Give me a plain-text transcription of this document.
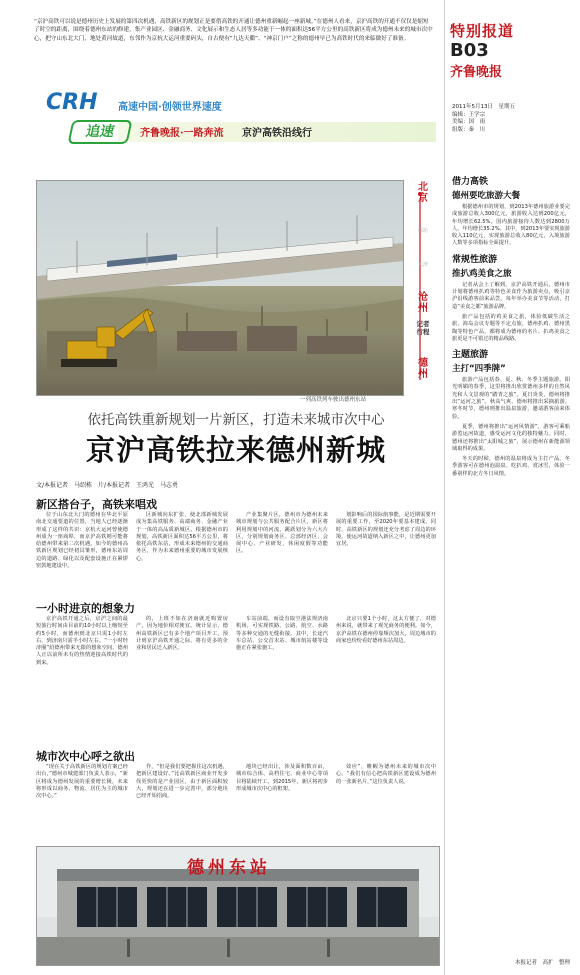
“京沪高铁可以说是德州历史上发展的第四次机遇，高铁新区的规划正是要借高铁的开通让德州重新崛起一座新城。”在德州人看来，京沪高铁的开通不仅仅是缩短了时空的距离，围绕着德州东站的修建，集产业园区、金融商务、文化展示和生态人居等多功能于一体的面积达56平方公里的高铁新区将成为德州未来的城市次中心，把守山东北大门，地处黄河故道，东邻作为京杭大运河重要码头，自古便有“九达天衢”、“神京门户”之称的德州早已为高铁时代的来临做好了准备。	特别报道
B03
齐鲁晚报
2011年5月13日　星期五
编辑：王学宗
美编：国　雨
组版：秦　川
CRH 高速中国·创领世界速度
追速	齐鲁晚报·一路奔流 京沪高铁沿线行
一列高铁列车驶出德州东站
北京
廊坊
天津
沧州
记者行程
德州
依托高铁重新规划一片新区，打造未来城市次中心
京沪高铁拉来德州新城
文/本报记者　马绍栋　片/本报记者　王鸿光　马志勇
新区搭台子，高铁来唱戏

位于山东北大门的德州在华北平原南北交通要道的位置，当地人已经逐渐形成了这样的共识：京杭大运河曾使德州成为一座商埠，而京沪高铁则可能将给德州带来第二次机遇。如今的德州高铁新区规划已经初具雏形，德州东站周边的道路、绿化以及配套设施正在紧锣密鼓地建设中。

区新城向东扩张，使北部新城发展成为集高铁服务、高端商务、金融产业于一体的高品质新城区。根据德州市的规划，高铁新区面积达56平方公里，将依托高铁东站，形成未来德州的交通商务区，作为未来德州重要的城市发展核心。

产业集聚片区，德州市为德州未来城市规划与公共服务配合片区，新区将利用规划中的河流，跳跃划分为六大片区，分别规划商务区、总部经济区、会展中心、产业研发、休闲度假等功能区。

划影响后的国际航事能，是近期需要开展的重要工作，至2020年要基本建成。同时，高铁新区的规划还充分考虑了周边的环境，使运河故道纳入新区之中，让德州更加宜居。

一小时进京的想象力

京沪高铁开通之后，京沪之间的最短旅行时间由目前的10小时以上缩短至约5小时，而德州到北京只需1小时左右，到济南只需半小时左右。“一小时经济圈”给德州带来无限的想象空间，德州人正以前所未有的热情迎接高铁时代的到来。

的，上班不如在济南就近购置房产，因为地价相对便宜。统计显示，德州高铁新区已有多个地产项目开工，预计到京沪高铁开通之际，将有更多的企业和居民迁入新区。

车站前端，而设有取空港法规济南机场，可实现铁路、公路、航空、水路等多种交通的无缝衔接。其中，长途汽车总站、公交首末站、城市航站楼等设施正在紧张施工。

北京只要1个小时，这太方便了，对德州来说，就带来了观光商务的便利。如今，京沪高铁在德州停靠频次加大，周边城市的商家也纷纷看好德州东站周边。

城市次中心呼之欲出

“现在关于高铁新区的规划方案已经出台，”德州市城建部门负责人表示，“新区将成为德州发展的重要增长极，未来将形成以商务、物流、居住为主的城市次中心。”

作，“但是我们要把握住这次机遇，把新区建设好。”比高铁新区商业开发步伐更快的是产业园区，由于新区面积较大，规划还在进一步完善中，部分地块已经开始招商。

地块已经出让，涉及面积数百亩，城市综合体、高档住宅、商业中心等项目将陆续开工。到2015年，新区将初步形成城市次中心的框架。

效应”，帷幄为德州未来的城市次中心。“我们有信心把高铁新区建设成为德州的一张新名片，”这位负责人说。

德州东站
借力高铁
德州要吃旅游大餐

根据德州市的规划，到2013年德州旅游业要完成旅游总收入300亿元，旅游收入达到200亿元，年均增长62.5%。国内旅游接待人数达到2800万人，年均增长35.2%。其中，到2013年要实现旅游收入110亿元，实现旅游总收入80亿元，入境旅游人数等多项指标全面提升。

常规性旅游
推扒鸡美食之旅

记者从会上了解到，京沪高铁开通后，德州市计划将德州扒鸡等特色美食作为旅游卖点，吸引京沪沿线游客前来品尝。每年举办美食节等活动，打造“美食之都”旅游品牌。

旅产品包括的鸡美食之旅，体验低碳生活之旅，海岛会议专题等不定点旅，德州扒鸡、德州黑陶等特色产品，都将成为德州的名片。扒鸡美食之旅更是不可错过的精品线路。

主题旅游
主打“四季牌”

旅游产品包括春、夏、秋、冬季主题旅游。阳光明媚的春季，这里将推出欣赏德州多样的自然风光和人文景观的“踏青之旅”。夏日炎炎，德州将推出“运河之旅”。秋高气爽，德州将推出采摘旅游。寒冬时节，德州则推出温泉旅游，邀请游客前来体验。

夏季，德州将推出“运河风情游”，游客可乘船游览运河故道，感受运河文化的独特魅力。同时，德州还将推出“太阳城之旅”，展示德州在新能源领域取得的成果。

冬天的时候，德州的温泉将成为主打产品。冬季游客可在德州泡温泉、吃扒鸡、赏冰雪，体验一番别样的北方冬日风情。

本报记者　高扩　整理
